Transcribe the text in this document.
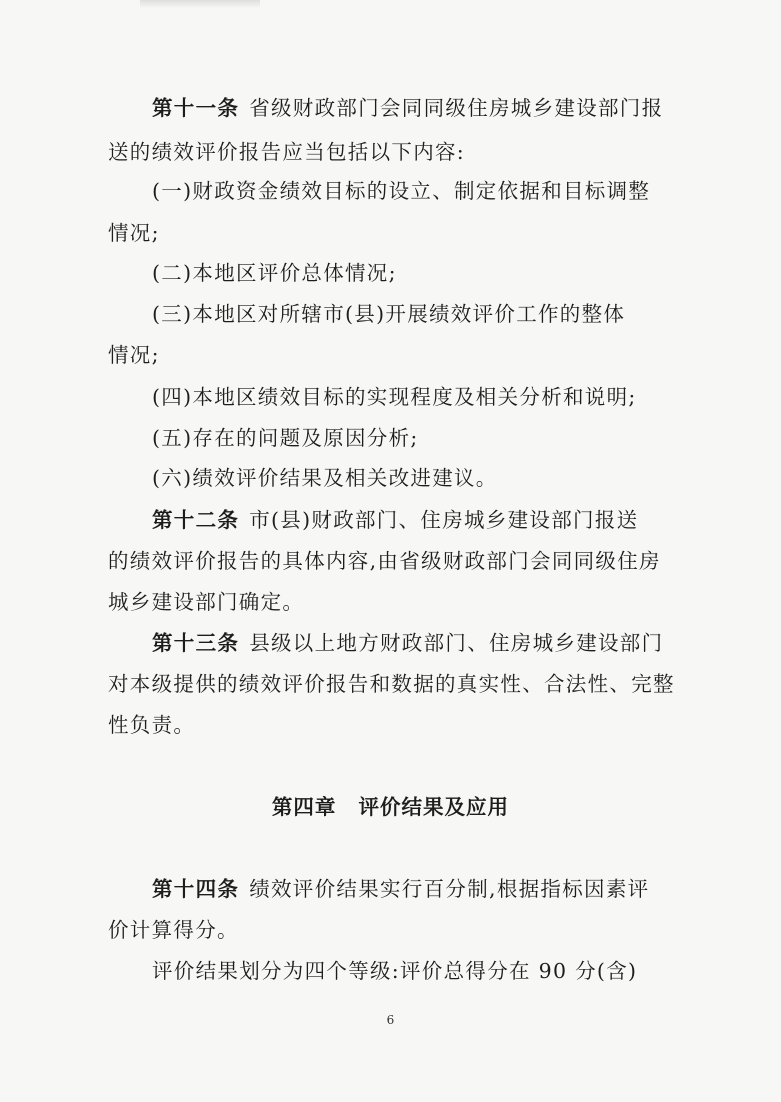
第十一条 省级财政部门会同同级住房城乡建设部门报
送的绩效评价报告应当包括以下内容:
(一)财政资金绩效目标的设立、制定依据和目标调整
情况;
(二)本地区评价总体情况;
(三)本地区对所辖市(县)开展绩效评价工作的整体
情况;
(四)本地区绩效目标的实现程度及相关分析和说明;
(五)存在的问题及原因分析;
(六)绩效评价结果及相关改进建议。
第十二条 市(县)财政部门、住房城乡建设部门报送
的绩效评价报告的具体内容,由省级财政部门会同同级住房
城乡建设部门确定。
第十三条 县级以上地方财政部门、住房城乡建设部门
对本级提供的绩效评价报告和数据的真实性、合法性、完整
性负责。
第四章 评价结果及应用
第十四条 绩效评价结果实行百分制,根据指标因素评
价计算得分。
评价结果划分为四个等级:评价总得分在 90 分(含)
6
